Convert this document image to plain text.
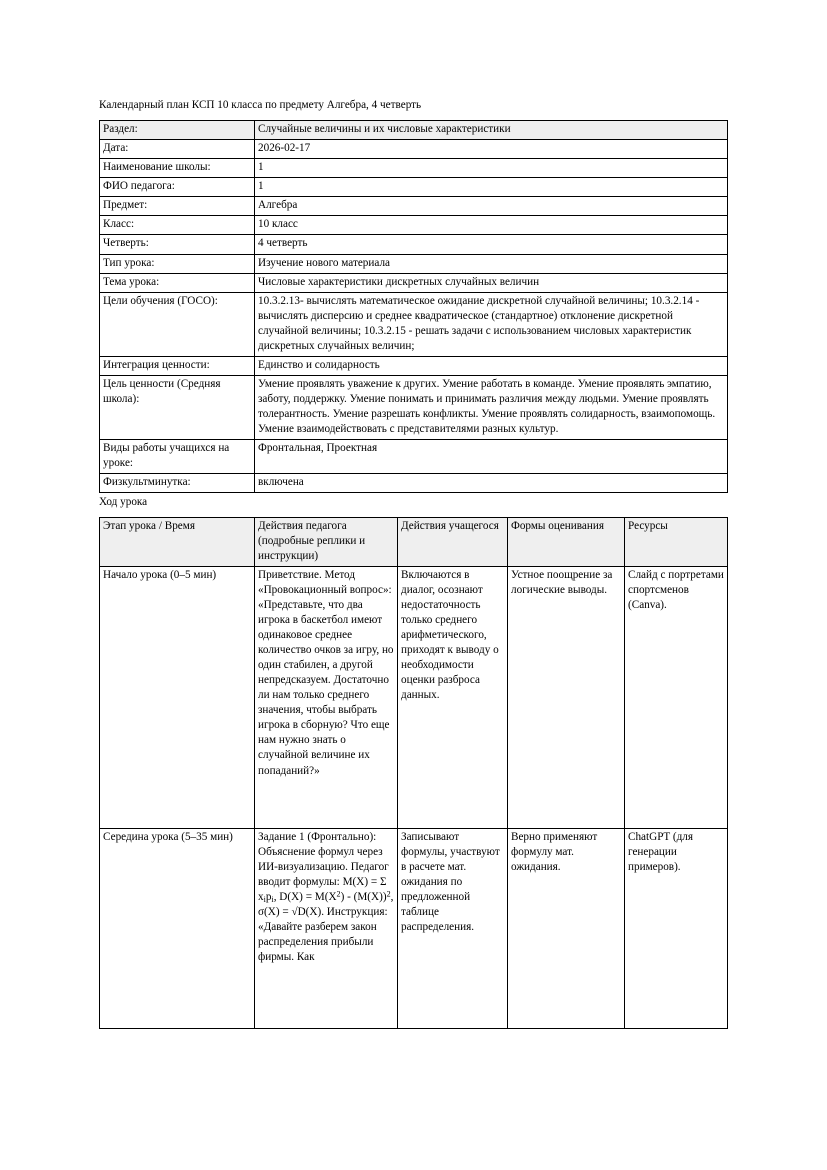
Календарный план КСП 10 класса по предмету Алгебра, 4 четверть

Раздел:	Случайные величины и их числовые характеристики
Дата:	2026-02-17
Наименование школы:	1
ФИО педагога:	1
Предмет:	Алгебра
Класс:	10 класс
Четверть:	4 четверть
Тип урока:	Изучение нового материала
Тема урока:	Числовые характеристики дискретных случайных величин
Цели обучения (ГОСО):	10.3.2.13- вычислять математическое ожидание дискретной случайной величины; 10.3.2.14 - вычислять дисперсию и среднее квадратическое (стандартное) отклонение дискретной случайной величины; 10.3.2.15 - решать задачи с использованием числовых характеристик дискретных случайных величин;
Интеграция ценности:	Единство и солидарность
Цель ценности (Средняя школа):	Умение проявлять уважение к других. Умение работать в команде. Умение проявлять эмпатию, заботу, поддержку. Умение понимать и принимать различия между людьми. Умение проявлять толерантность. Умение разрешать конфликты. Умение проявлять солидарность, взаимопомощь. Умение взаимодействовать с представителями разных культур.
Виды работы учащихся на уроке:	Фронтальная, Проектная
Физкультминутка:	включена

Ход урока

Этап урока / Время	Действия педагога (подробные реплики и инструкции)	Действия учащегося	Формы оценивания	Ресурсы
Начало урока (0–5 мин)	Приветствие. Метод «Провокационный вопрос»: «Представьте, что два игрока в баскетбол имеют одинаковое среднее количество очков за игру, но один стабилен, а другой непредсказуем. Достаточно ли нам только среднего значения, чтобы выбрать игрока в сборную? Что еще нам нужно знать о случайной величине их попаданий?»	Включаются в диалог, осознают недостаточность только среднего арифметического, приходят к выводу о необходимости оценки разброса данных.	Устное поощрение за логические выводы.	Слайд с портретами спортсменов (Canva).
Середина урока (5–35 мин)	Задание 1 (Фронтально): Объяснение формул через ИИ-визуализацию. Педагог вводит формулы: M(X) = Σ $x_ip_i$, $D(X) = M(X^2) - (M(X))^2$, σ(X) = √D(X). Инструкция: «Давайте разберем закон распределения прибыли фирмы. Как	Записывают формулы, участвуют в расчете мат. ожидания по предложенной таблице распределения.	Верно применяют формулу мат. ожидания.	ChatGPT (для генерации примеров).
